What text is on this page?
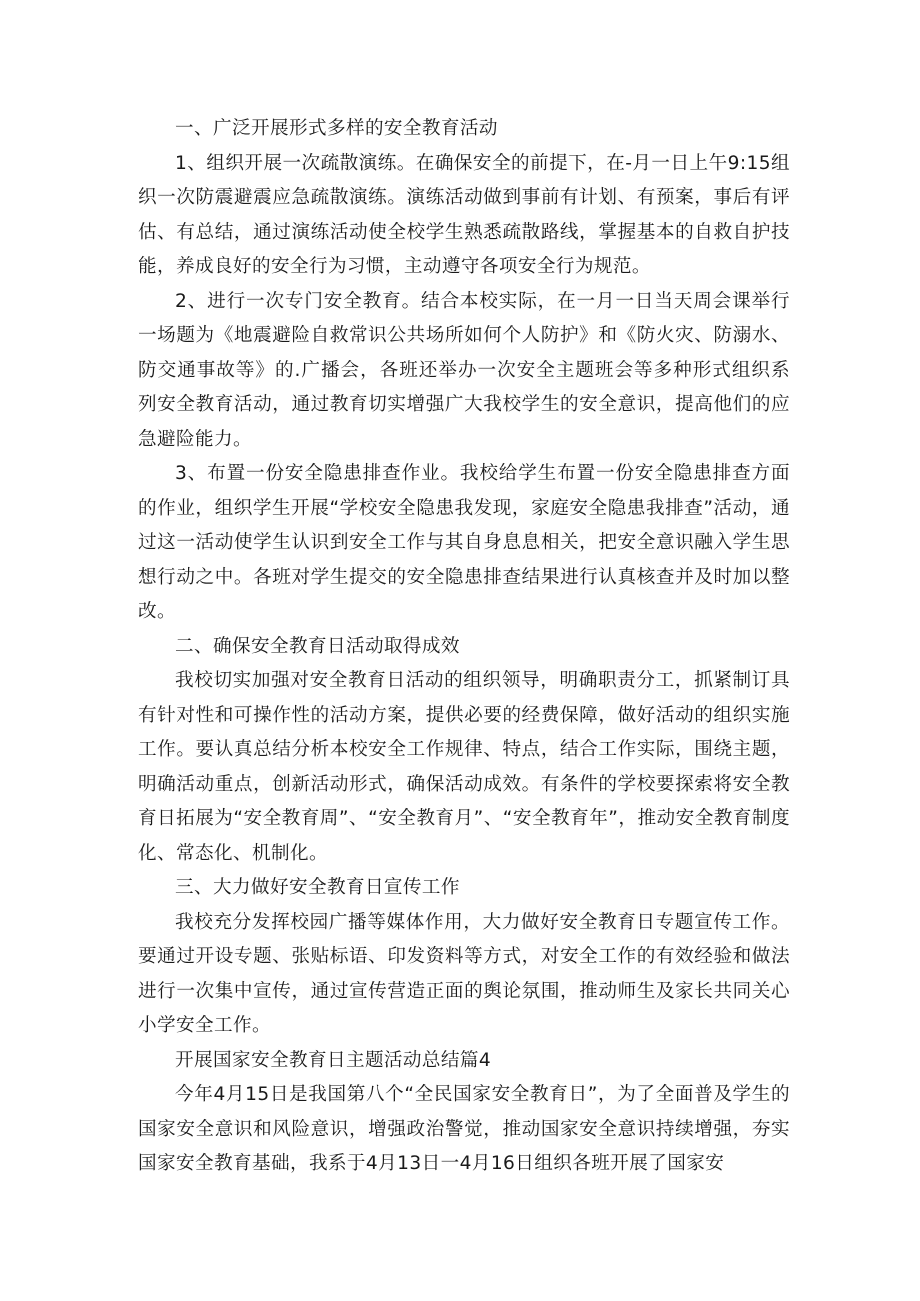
一、广泛开展形式多样的安全教育活动

1、组织开展一次疏散演练。在确保安全的前提下，在-月一日上午9:15组织一次防震避震应急疏散演练。演练活动做到事前有计划、有预案，事后有评估、有总结，通过演练活动使全校学生熟悉疏散路线，掌握基本的自救自护技能，养成良好的安全行为习惯，主动遵守各项安全行为规范。

2、进行一次专门安全教育。结合本校实际，在一月一日当天周会课举行一场题为《地震避险自救常识公共场所如何个人防护》和《防火灾、防溺水、防交通事故等》的.广播会，各班还举办一次安全主题班会等多种形式组织系列安全教育活动，通过教育切实增强广大我校学生的安全意识，提高他们的应急避险能力。

3、布置一份安全隐患排查作业。我校给学生布置一份安全隐患排查方面的作业，组织学生开展“学校安全隐患我发现，家庭安全隐患我排查”活动，通过这一活动使学生认识到安全工作与其自身息息相关，把安全意识融入学生思想行动之中。各班对学生提交的安全隐患排查结果进行认真核查并及时加以整改。

二、确保安全教育日活动取得成效

我校切实加强对安全教育日活动的组织领导，明确职责分工，抓紧制订具有针对性和可操作性的活动方案，提供必要的经费保障，做好活动的组织实施工作。要认真总结分析本校安全工作规律、特点，结合工作实际，围绕主题，明确活动重点，创新活动形式，确保活动成效。有条件的学校要探索将安全教育日拓展为“安全教育周”、“安全教育月”、“安全教育年”，推动安全教育制度化、常态化、机制化。

三、大力做好安全教育日宣传工作

我校充分发挥校园广播等媒体作用，大力做好安全教育日专题宣传工作。要通过开设专题、张贴标语、印发资料等方式，对安全工作的有效经验和做法进行一次集中宣传，通过宣传营造正面的舆论氛围，推动师生及家长共同关心小学安全工作。

开展国家安全教育日主题活动总结篇4

今年4月15日是我国第八个“全民国家安全教育日”，为了全面普及学生的国家安全意识和风险意识，增强政治警觉，推动国家安全意识持续增强，夯实国家安全教育基础，我系于4月13日一4月16日组织各班开展了国家安
